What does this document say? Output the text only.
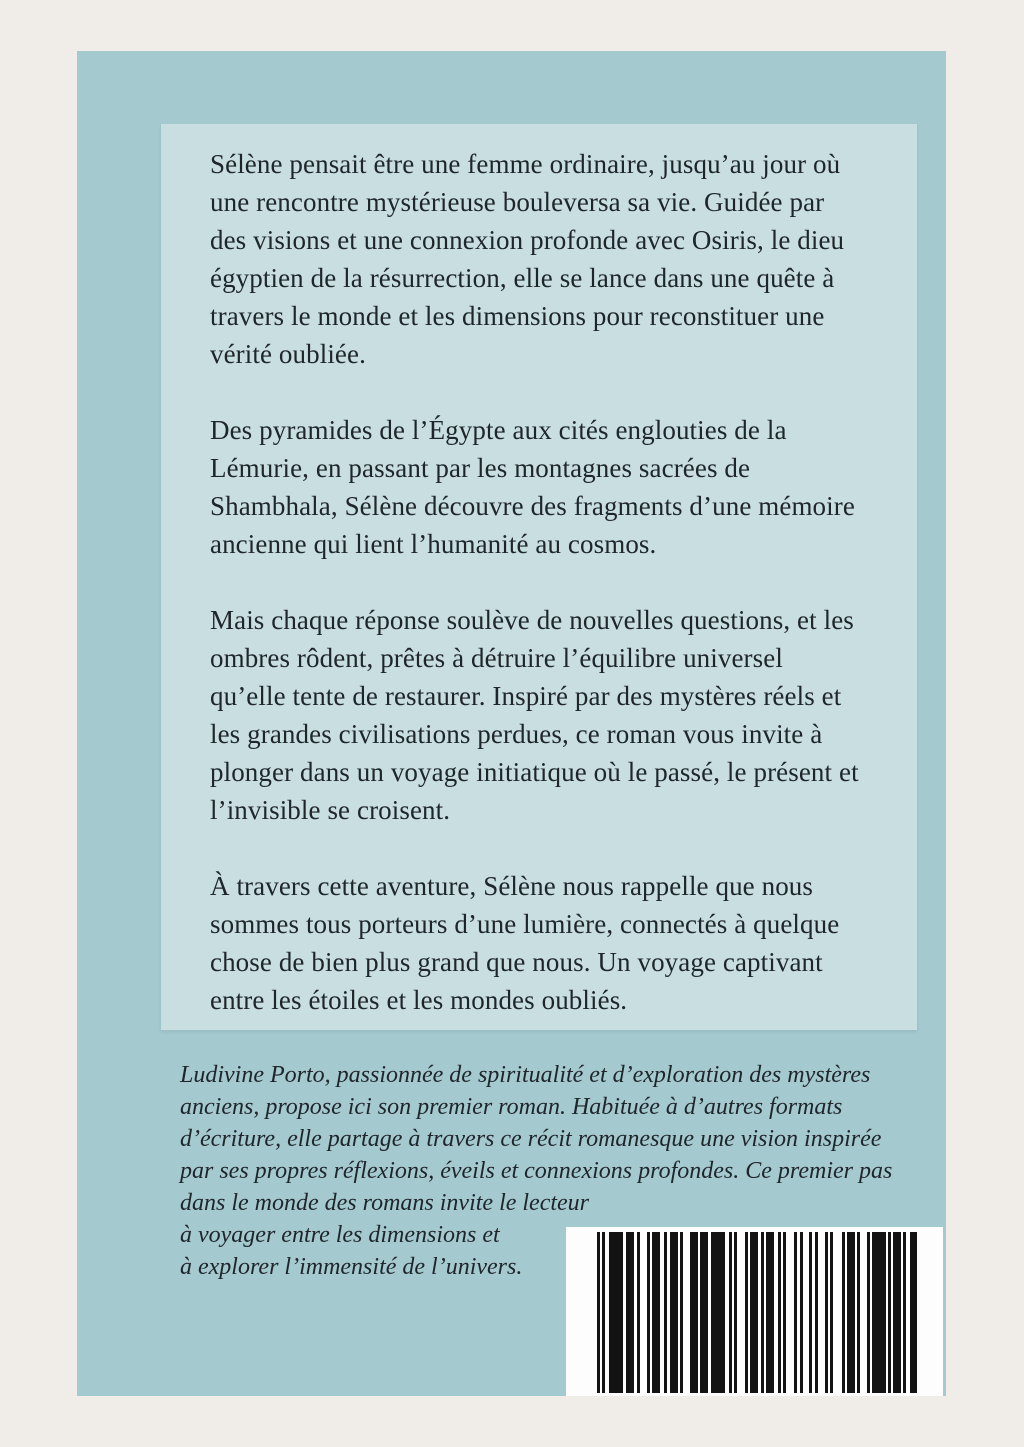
Sélène pensait être une femme ordinaire, jusqu’au jour où une rencontre mystérieuse bouleversa sa vie. Guidée par des visions et une connexion profonde avec Osiris, le dieu égyptien de la résurrection, elle se lance dans une quête à travers le monde et les dimensions pour reconstituer une vérité oubliée.

Des pyramides de l’Égypte aux cités englouties de la Lémurie, en passant par les montagnes sacrées de Shambhala, Sélène découvre des fragments d’une mémoire ancienne qui lient l’humanité au cosmos.

Mais chaque réponse soulève de nouvelles questions, et les ombres rôdent, prêtes à détruire l’équilibre universel qu’elle tente de restaurer. Inspiré par des mystères réels et les grandes civilisations perdues, ce roman vous invite à plonger dans un voyage initiatique où le passé, le présent et l’invisible se croisent.

À travers cette aventure, Sélène nous rappelle que nous sommes tous porteurs d’une lumière, connectés à quelque chose de bien plus grand que nous. Un voyage captivant entre les étoiles et les mondes oubliés.

Ludivine Porto, passionnée de spiritualité et d’exploration des mystères anciens, propose ici son premier roman. Habituée à d’autres formats d’écriture, elle partage à travers ce récit romanesque une vision inspirée par ses propres réflexions, éveils et connexions profondes. Ce premier pas dans le monde des romans invite le lecteur
à voyager entre les dimensions et
à explorer l’immensité de l’univers.
